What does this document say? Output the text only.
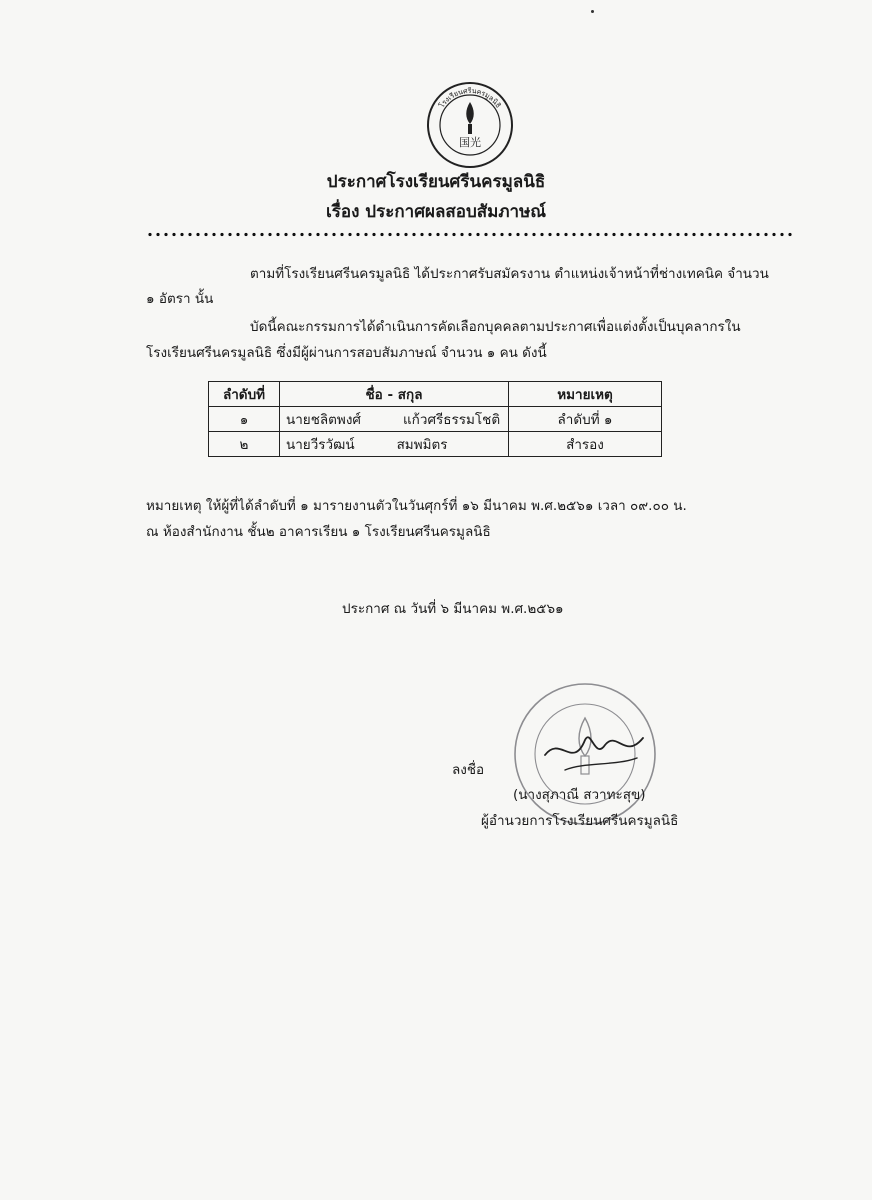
โรงเรียนศรีนครมูลนิธิ
国光
ประกาศโรงเรียนศรีนครมูลนิธิ
เรื่อง ประกาศผลสอบสัมภาษณ์
ตามที่โรงเรียนศรีนครมูลนิธิ ได้ประกาศรับสมัครงาน ตำแหน่งเจ้าหน้าที่ช่างเทคนิค จำนวน
๑ อัตรา นั้น
บัดนี้คณะกรรมการได้ดำเนินการคัดเลือกบุคคลตามประกาศเพื่อแต่งตั้งเป็นบุคลากรใน
โรงเรียนศรีนครมูลนิธิ ซึ่งมีผู้ผ่านการสอบสัมภาษณ์ จำนวน ๑ คน ดังนี้
ลำดับที่	ชื่อ - สกุล	หมายเหตุ
๑	นายชลิตพงศ์ แก้วศรีธรรมโชติ	ลำดับที่ ๑
๒	นายวีรวัฒน์ สมพมิตร	สำรอง
หมายเหตุ ให้ผู้ที่ได้ลำดับที่ ๑ มารายงานตัวในวันศุกร์ที่ ๑๖ มีนาคม พ.ศ.๒๕๖๑ เวลา ๐๙.๐๐ น.
ณ ห้องสำนักงาน ชั้น๒ อาคารเรียน ๑ โรงเรียนศรีนครมูลนิธิ
ประกาศ ณ วันที่ ๖ มีนาคม พ.ศ.๒๕๖๑
ลงชื่อ
(นางสุภาณี สวาทะสุข)
ผู้อำนวยการโรงเรียนศรีนครมูลนิธิ
